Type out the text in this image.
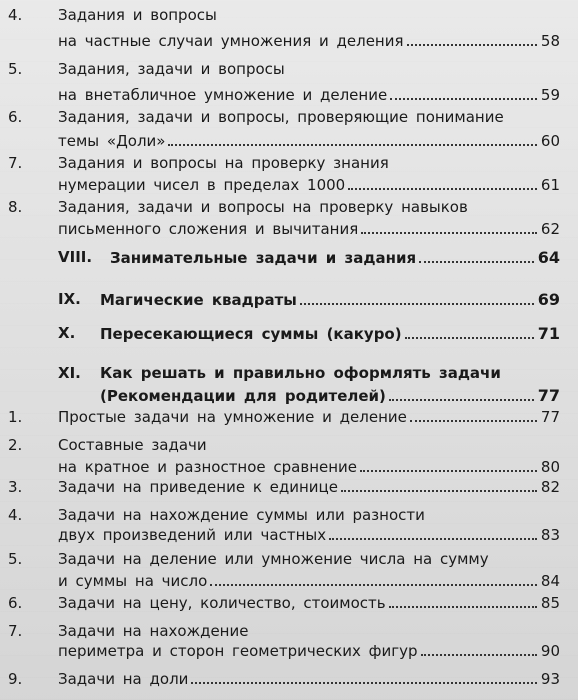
4. Задания и вопросы
на частные случаи умножения и деления	58
5. Задания, задачи и вопросы
на внетабличное умножение и деление	59
6. Задания, задачи и вопросы, проверяющие понимание
темы «Доли»	60
7. Задания и вопросы на проверку знания
нумерации чисел в пределах 1000	61
8. Задания, задачи и вопросы на проверку навыков
письменного сложения и вычитания	62
VIII. Занимательные задачи и задания	64
IX. Магические квадраты	69
X. Пересекающиеся суммы (какуро)	71
XI. Как решать и правильно оформлять задачи
(Рекомендации для родителей)	77
1. Простые задачи на умножение и деление	77
2. Составные задачи
на кратное и разностное сравнение	80
3. Задачи на приведение к единице	82
4. Задачи на нахождение суммы или разности
двух произведений или частных	83
5. Задачи на деление или умножение числа на сумму
и суммы на число	84
6. Задачи на цену, количество, стоимость	85
7. Задачи на нахождение
периметра и сторон геометрических фигур	90
9. Задачи на доли	93
